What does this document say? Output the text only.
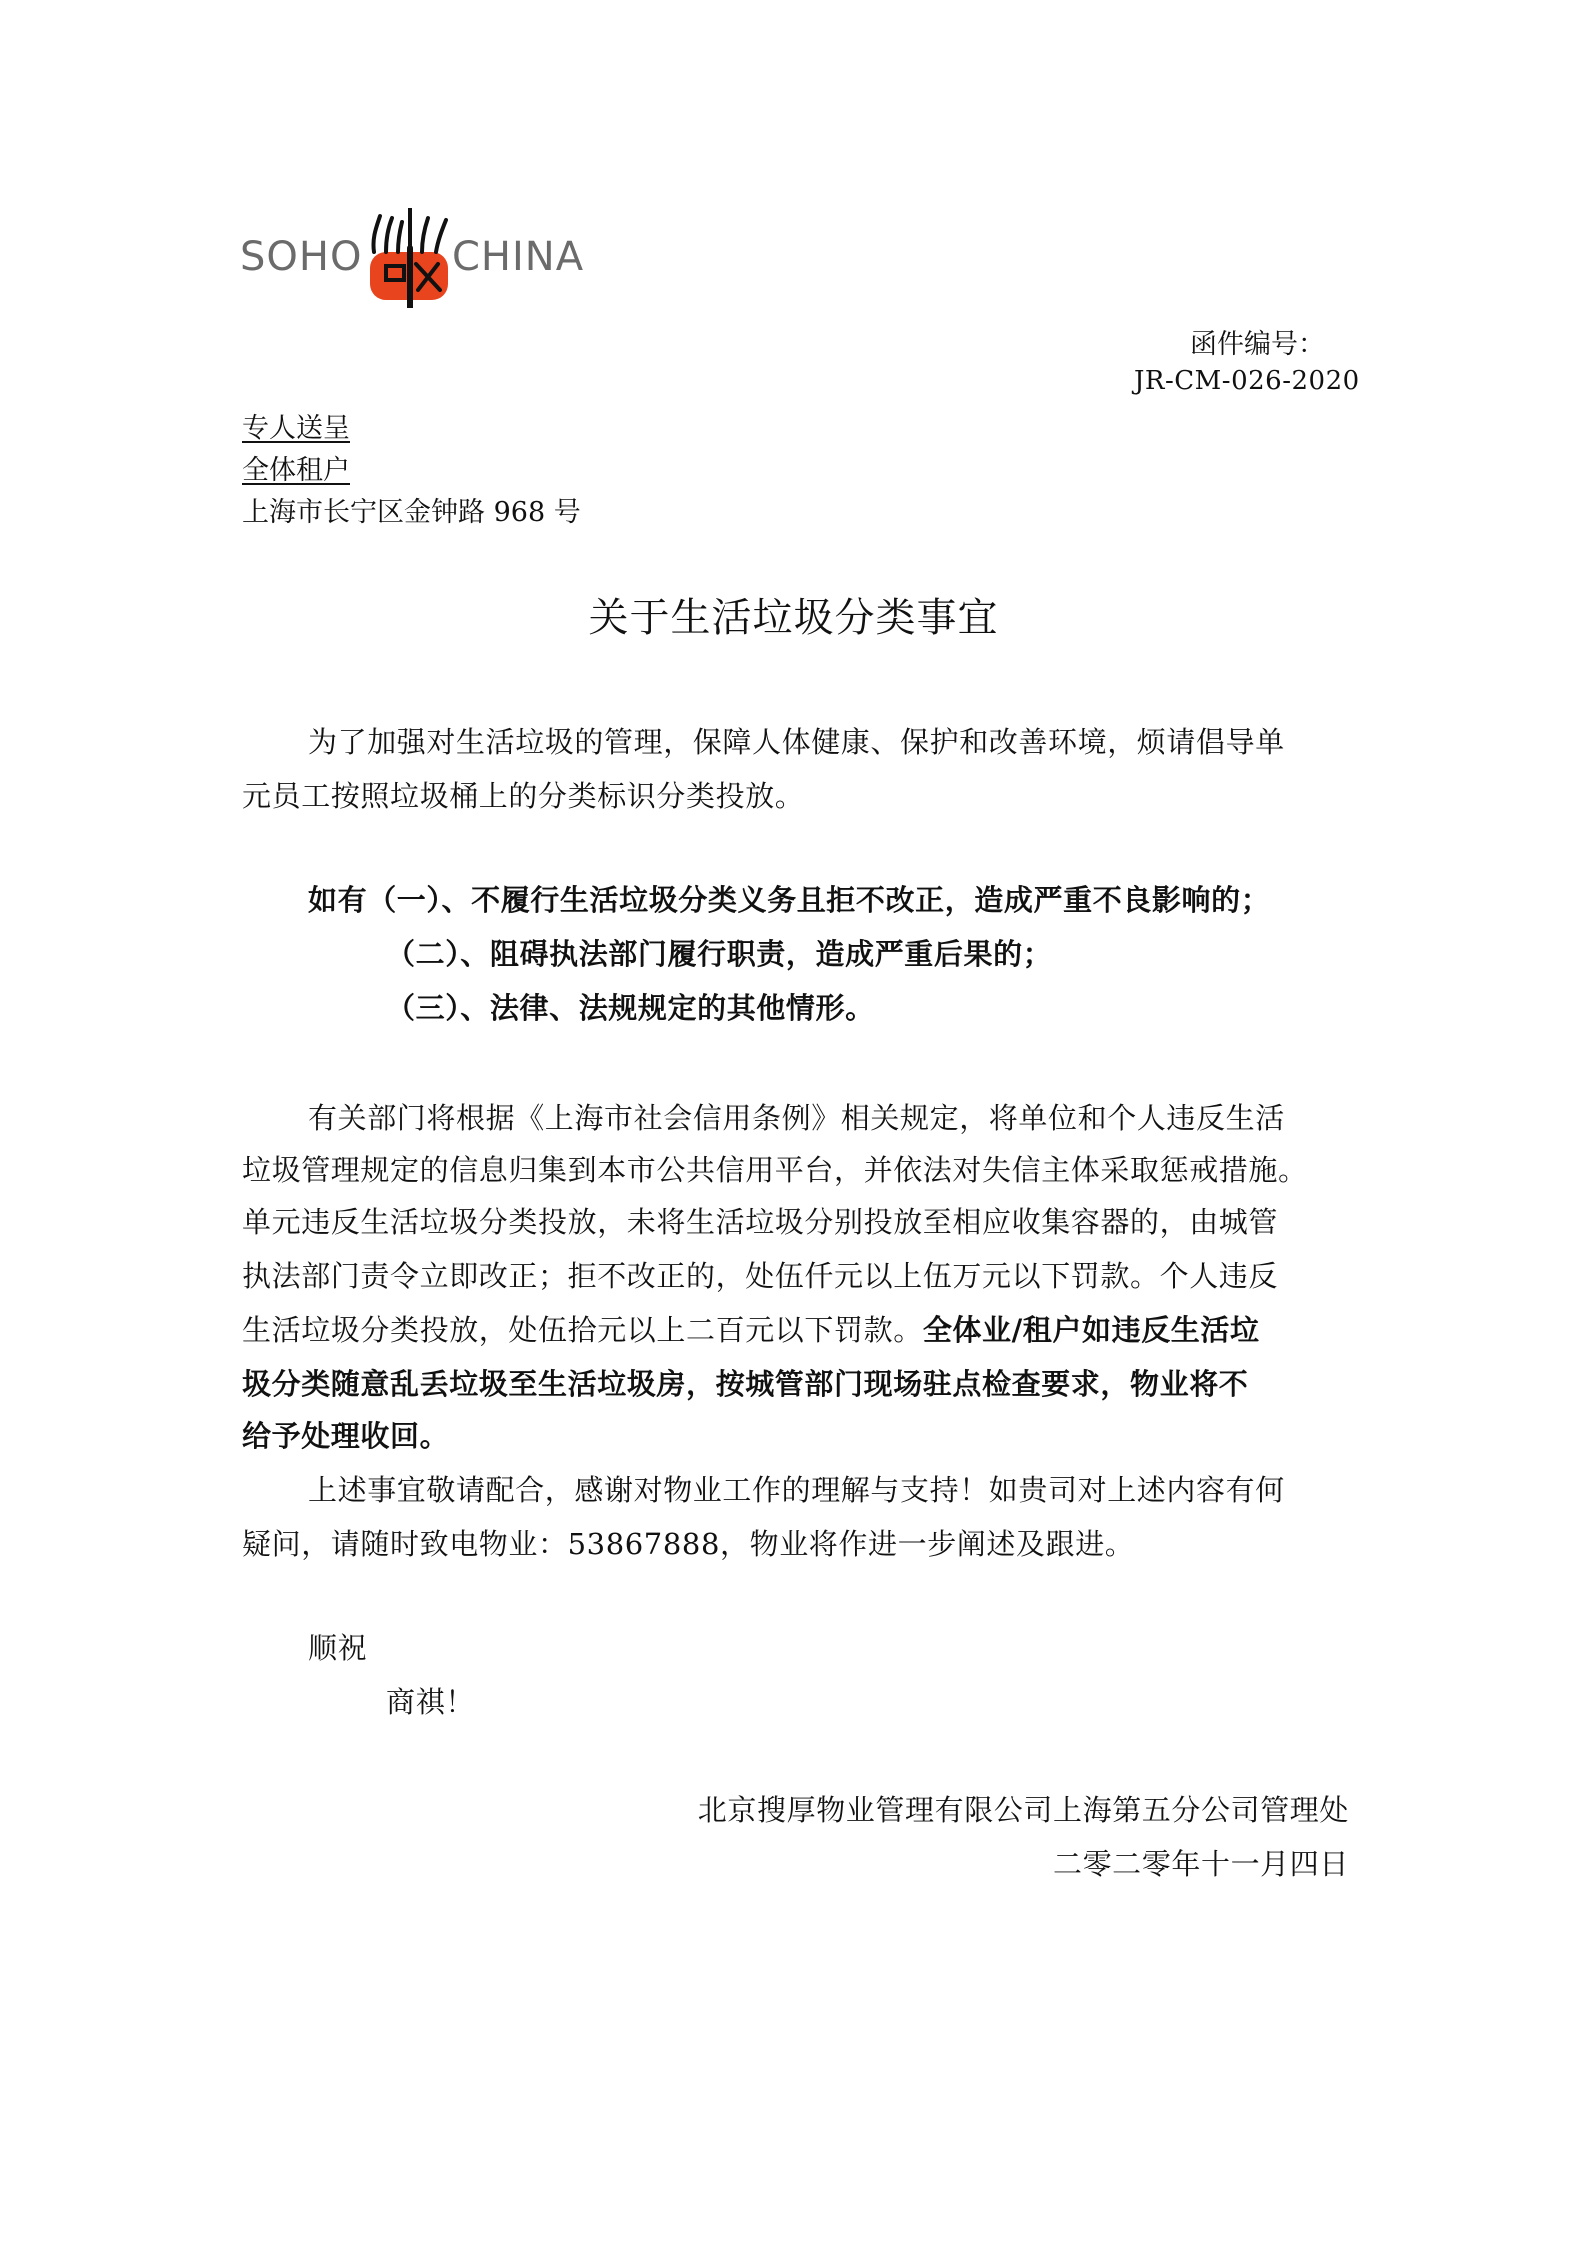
SOHO CHINA
函件编号：
JR-CM-026-2020
专人送呈
全体租户
上海市长宁区金钟路 968 号
关于生活垃圾分类事宜
为了加强对生活垃圾的管理，保障人体健康、保护和改善环境，烦请倡导单
元员工按照垃圾桶上的分类标识分类投放。
如有（一）、不履行生活垃圾分类义务且拒不改正，造成严重不良影响的；
（二）、阻碍执法部门履行职责，造成严重后果的；
（三）、法律、法规规定的其他情形。
有关部门将根据《上海市社会信用条例》相关规定，将单位和个人违反生活
垃圾管理规定的信息归集到本市公共信用平台，并依法对失信主体采取惩戒措施。
单元违反生活垃圾分类投放，未将生活垃圾分别投放至相应收集容器的，由城管
执法部门责令立即改正；拒不改正的，处伍仟元以上伍万元以下罚款。个人违反
生活垃圾分类投放，处伍拾元以上二百元以下罚款。全体业/租户如违反生活垃
圾分类随意乱丢垃圾至生活垃圾房，按城管部门现场驻点检查要求，物业将不
给予处理收回。
上述事宜敬请配合，感谢对物业工作的理解与支持！如贵司对上述内容有何
疑问，请随时致电物业：53867888，物业将作进一步阐述及跟进。
顺祝
商祺！
北京搜厚物业管理有限公司上海第五分公司管理处
二零二零年十一月四日
